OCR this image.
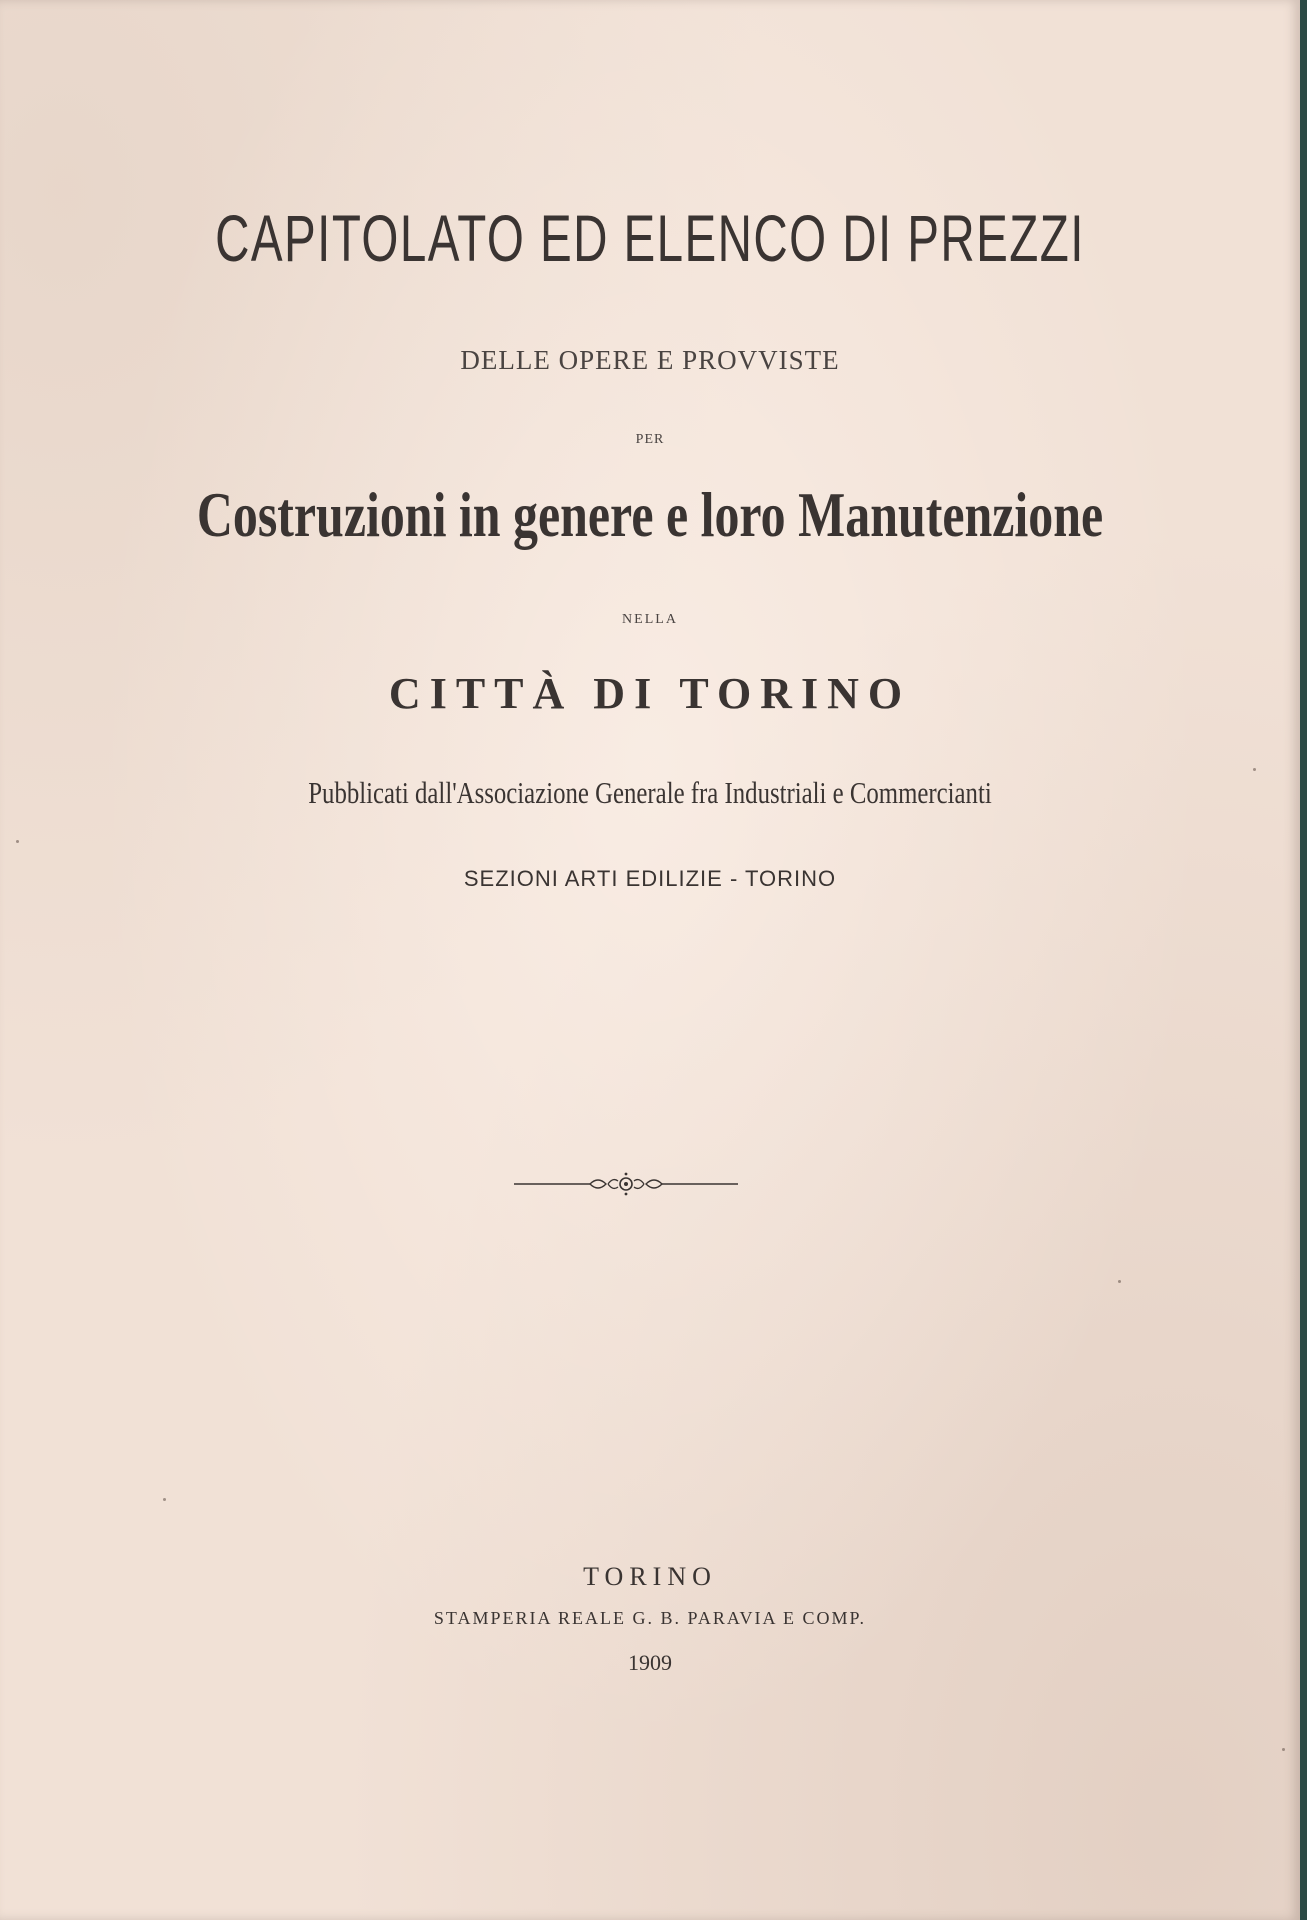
CAPITOLATO ED ELENCO DI PREZZI
DELLE OPERE E PROVVISTE
PER
Costruzioni in genere e loro Manutenzione
NELLA
CITTÀ DI TORINO
Pubblicati dall'Associazione Generale fra Industriali e Commercianti
SEZIONI ARTI EDILIZIE - TORINO
TORINO
STAMPERIA REALE G. B. PARAVIA E COMP.
1909
